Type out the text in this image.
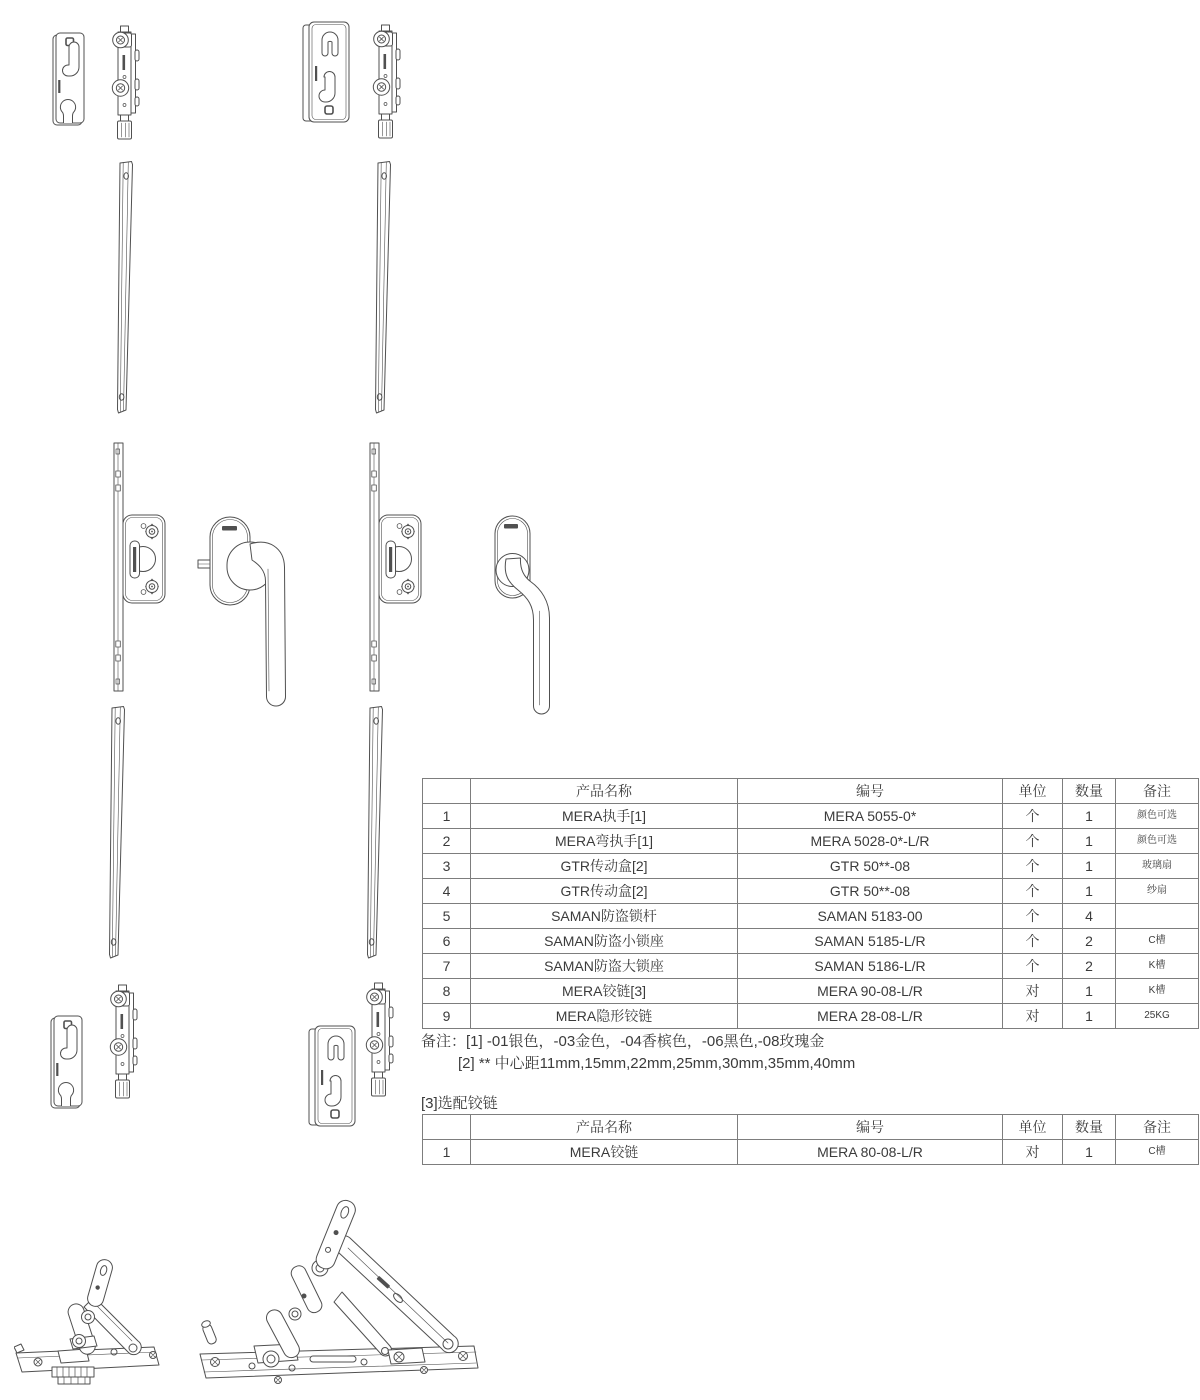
	产品名称	编号	单位	数量	备注
1	MERA执手[1]	MERA 5055-0*	个	1	颜色可选
2	MERA弯执手[1]	MERA 5028-0*-L/R	个	1	颜色可选
3	GTR传动盒[2]	GTR 50**-08	个	1	玻璃扇
4	GTR传动盒[2]	GTR 50**-08	个	1	纱扇
5	SAMAN防盗锁杆	SAMAN 5183-00	个	4	
6	SAMAN防盗小锁座	SAMAN 5185-L/R	个	2	C槽
7	SAMAN防盗大锁座	SAMAN 5186-L/R	个	2	K槽
8	MERA铰链[3]	MERA 90-08-L/R	对	1	K槽
9	MERA隐形铰链	MERA 28-08-L/R	对	1	25KG
备注：[1] -01银色，-03金色，-04香槟色，-06黑色,-08玫瑰金
[2] ** 中心距11mm,15mm,22mm,25mm,30mm,35mm,40mm
[3]选配铰链
	产品名称	编号	单位	数量	备注
1	MERA铰链	MERA 80-08-L/R	对	1	C槽
